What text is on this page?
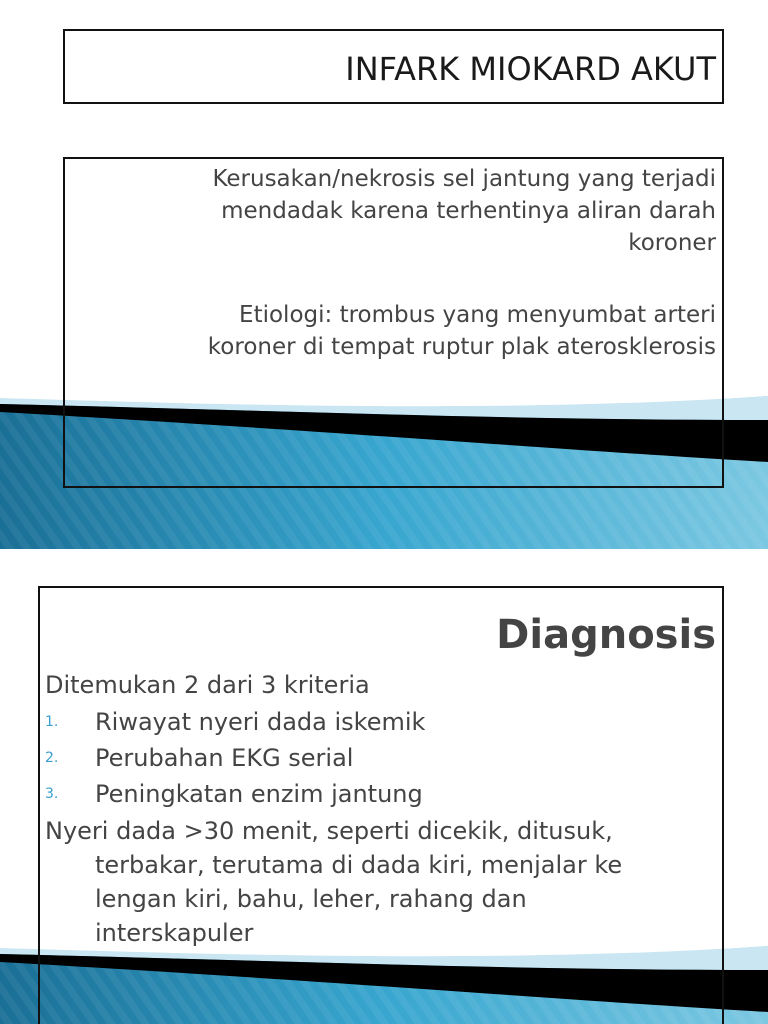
INFARK MIOKARD AKUT

Kerusakan/nekrosis sel jantung yang terjadi
mendadak karena terhentinya aliran darah
koroner

Etiologi: trombus yang menyumbat arteri
koroner di tempat ruptur plak aterosklerosis

Diagnosis

Ditemukan 2 dari 3 kriteria

1. Riwayat nyeri dada iskemik
2. Perubahan EKG serial
3. Peningkatan enzim jantung

Nyeri dada >30 menit, seperti dicekik, ditusuk,
terbakar, terutama di dada kiri, menjalar ke
lengan kiri, bahu, leher, rahang dan
interskapuler
